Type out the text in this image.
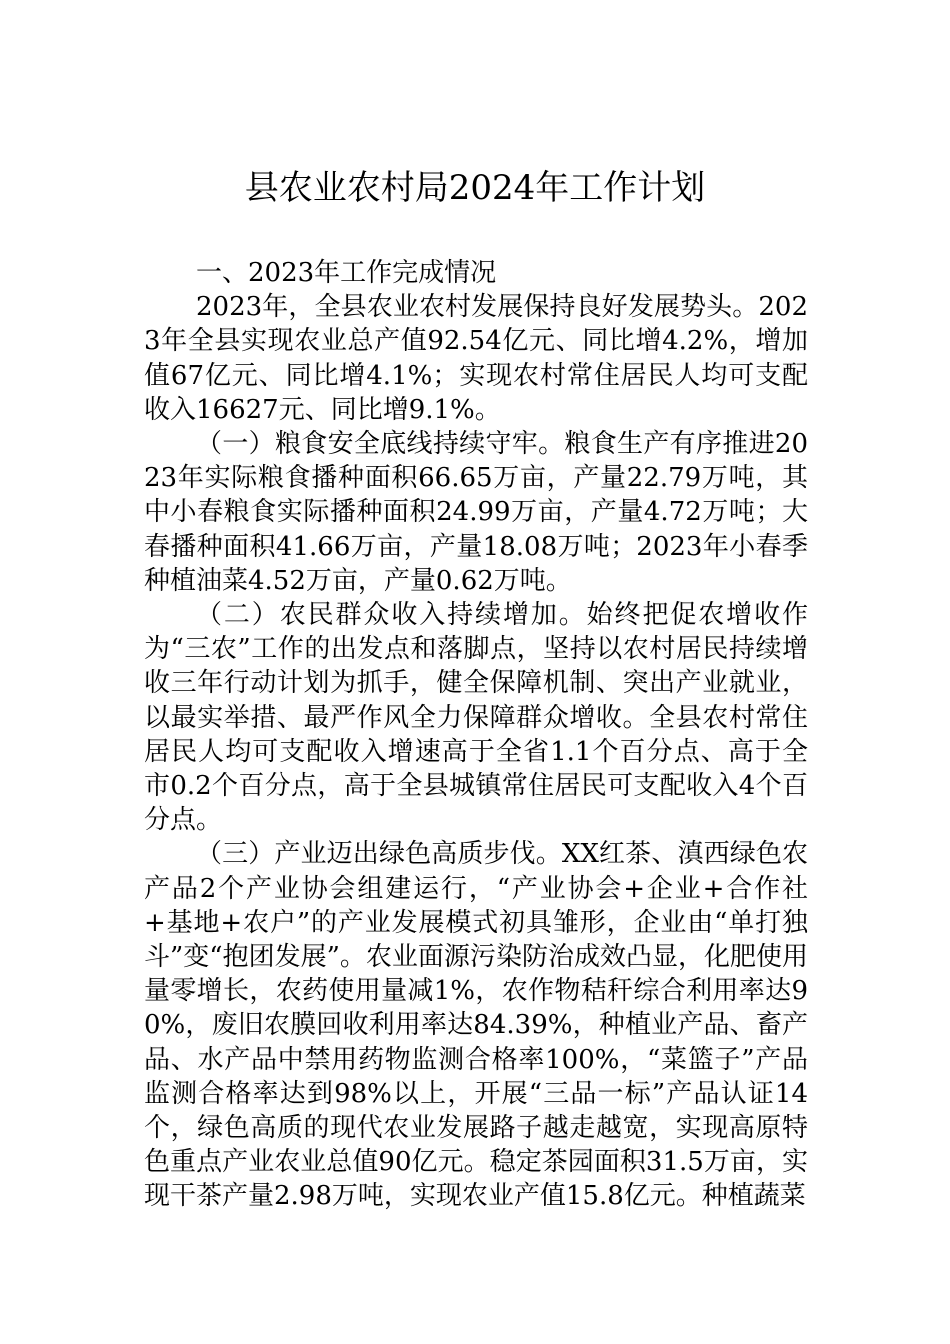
县农业农村局2024年工作计划

一、2023年工作完成情况

2023年，全县农业农村发展保持良好发展势头。2023年全县实现农业总产值92.54亿元、同比增4.2%，增加值67亿元、同比增4.1%；实现农村常住居民人均可支配收入16627元、同比增9.1%。

（一）粮食安全底线持续守牢。粮食生产有序推进2023年实际粮食播种面积66.65万亩，产量22.79万吨，其中小春粮食实际播种面积24.99万亩，产量4.72万吨；大春播种面积41.66万亩，产量18.08万吨；2023年小春季种植油菜4.52万亩，产量0.62万吨。

（二）农民群众收入持续增加。始终把促农增收作为“三农”工作的出发点和落脚点，坚持以农村居民持续增收三年行动计划为抓手，健全保障机制、突出产业就业，以最实举措、最严作风全力保障群众增收。全县农村常住居民人均可支配收入增速高于全省1.1个百分点、高于全市0.2个百分点，高于全县城镇常住居民可支配收入4个百分点。

（三）产业迈出绿色高质步伐。XX红茶、滇西绿色农产品2个产业协会组建运行，“产业协会+企业+合作社+基地+农户”的产业发展模式初具雏形，企业由“单打独斗”变“抱团发展”。农业面源污染防治成效凸显，化肥使用量零增长，农药使用量减1%，农作物秸秆综合利用率达90%，废旧农膜回收利用率达84.39%，种植业产品、畜产品、水产品中禁用药物监测合格率100%，“菜篮子”产品监测合格率达到98%以上，开展“三品一标”产品认证14个，绿色高质的现代农业发展路子越走越宽，实现高原特色重点产业农业总值90亿元。稳定茶园面积31.5万亩，实现干茶产量2.98万吨，实现农业产值15.8亿元。种植蔬菜
